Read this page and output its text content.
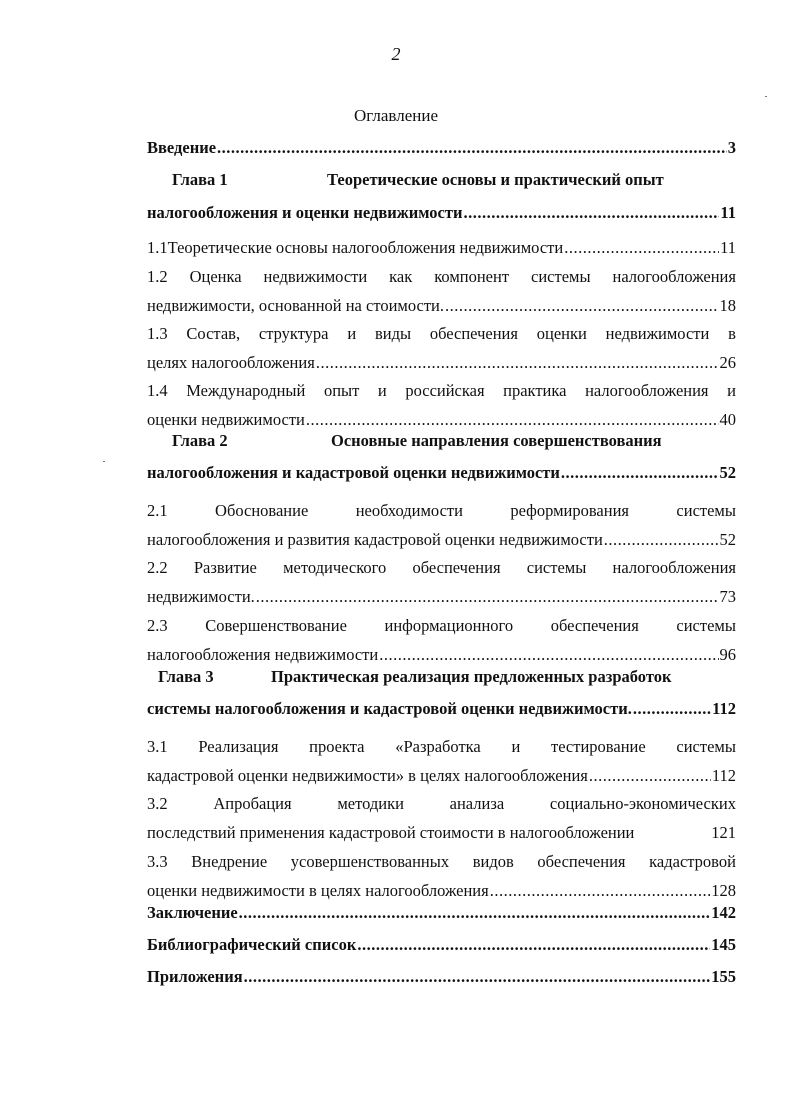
2
Оглавление
Введение .....	3
Глава 1	Теоретические основы и практический опыт
налогообложения и оценки недвижимости .....	11
1.1 Теоретические основы налогообложения недвижимости .....	11
1.2 Оценка недвижимости как компонент системы налогообложения
недвижимости, основанной на стоимости. .....	18
1.3 Состав, структура и виды обеспечения оценки недвижимости в
целях налогообложения .....	26
1.4 Международный опыт и российская практика налогообложения и
оценки недвижимости .....	40
Глава 2	Основные направления совершенствования
налогообложения и кадастровой оценки недвижимости .....	52
2.1	Обоснование	необходимости	реформирования	системы
налогообложения и развития кадастровой оценки недвижимости .....	52
2.2 Развитие методического обеспечения системы налогообложения
недвижимости. .....	73
2.3 Совершенствование информационного обеспечения системы
налогообложения недвижимости .....	96
Глава 3	Практическая реализация предложенных разработок
системы налогообложения и кадастровой оценки недвижимости. .....	112
3.1 Реализация проекта «Разработка и тестирование системы
кадастровой оценки недвижимости» в целях налогообложения .....	112
3.2	Апробация	методики	анализа	социально-экономических
последствий применения кадастровой стоимости в налогообложении	121
3.3 Внедрение усовершенствованных видов обеспечения кадастровой
оценки недвижимости в целях налогообложения .....	128
Заключение .....	142
Библиографический список .....	145
Приложения .....	155
